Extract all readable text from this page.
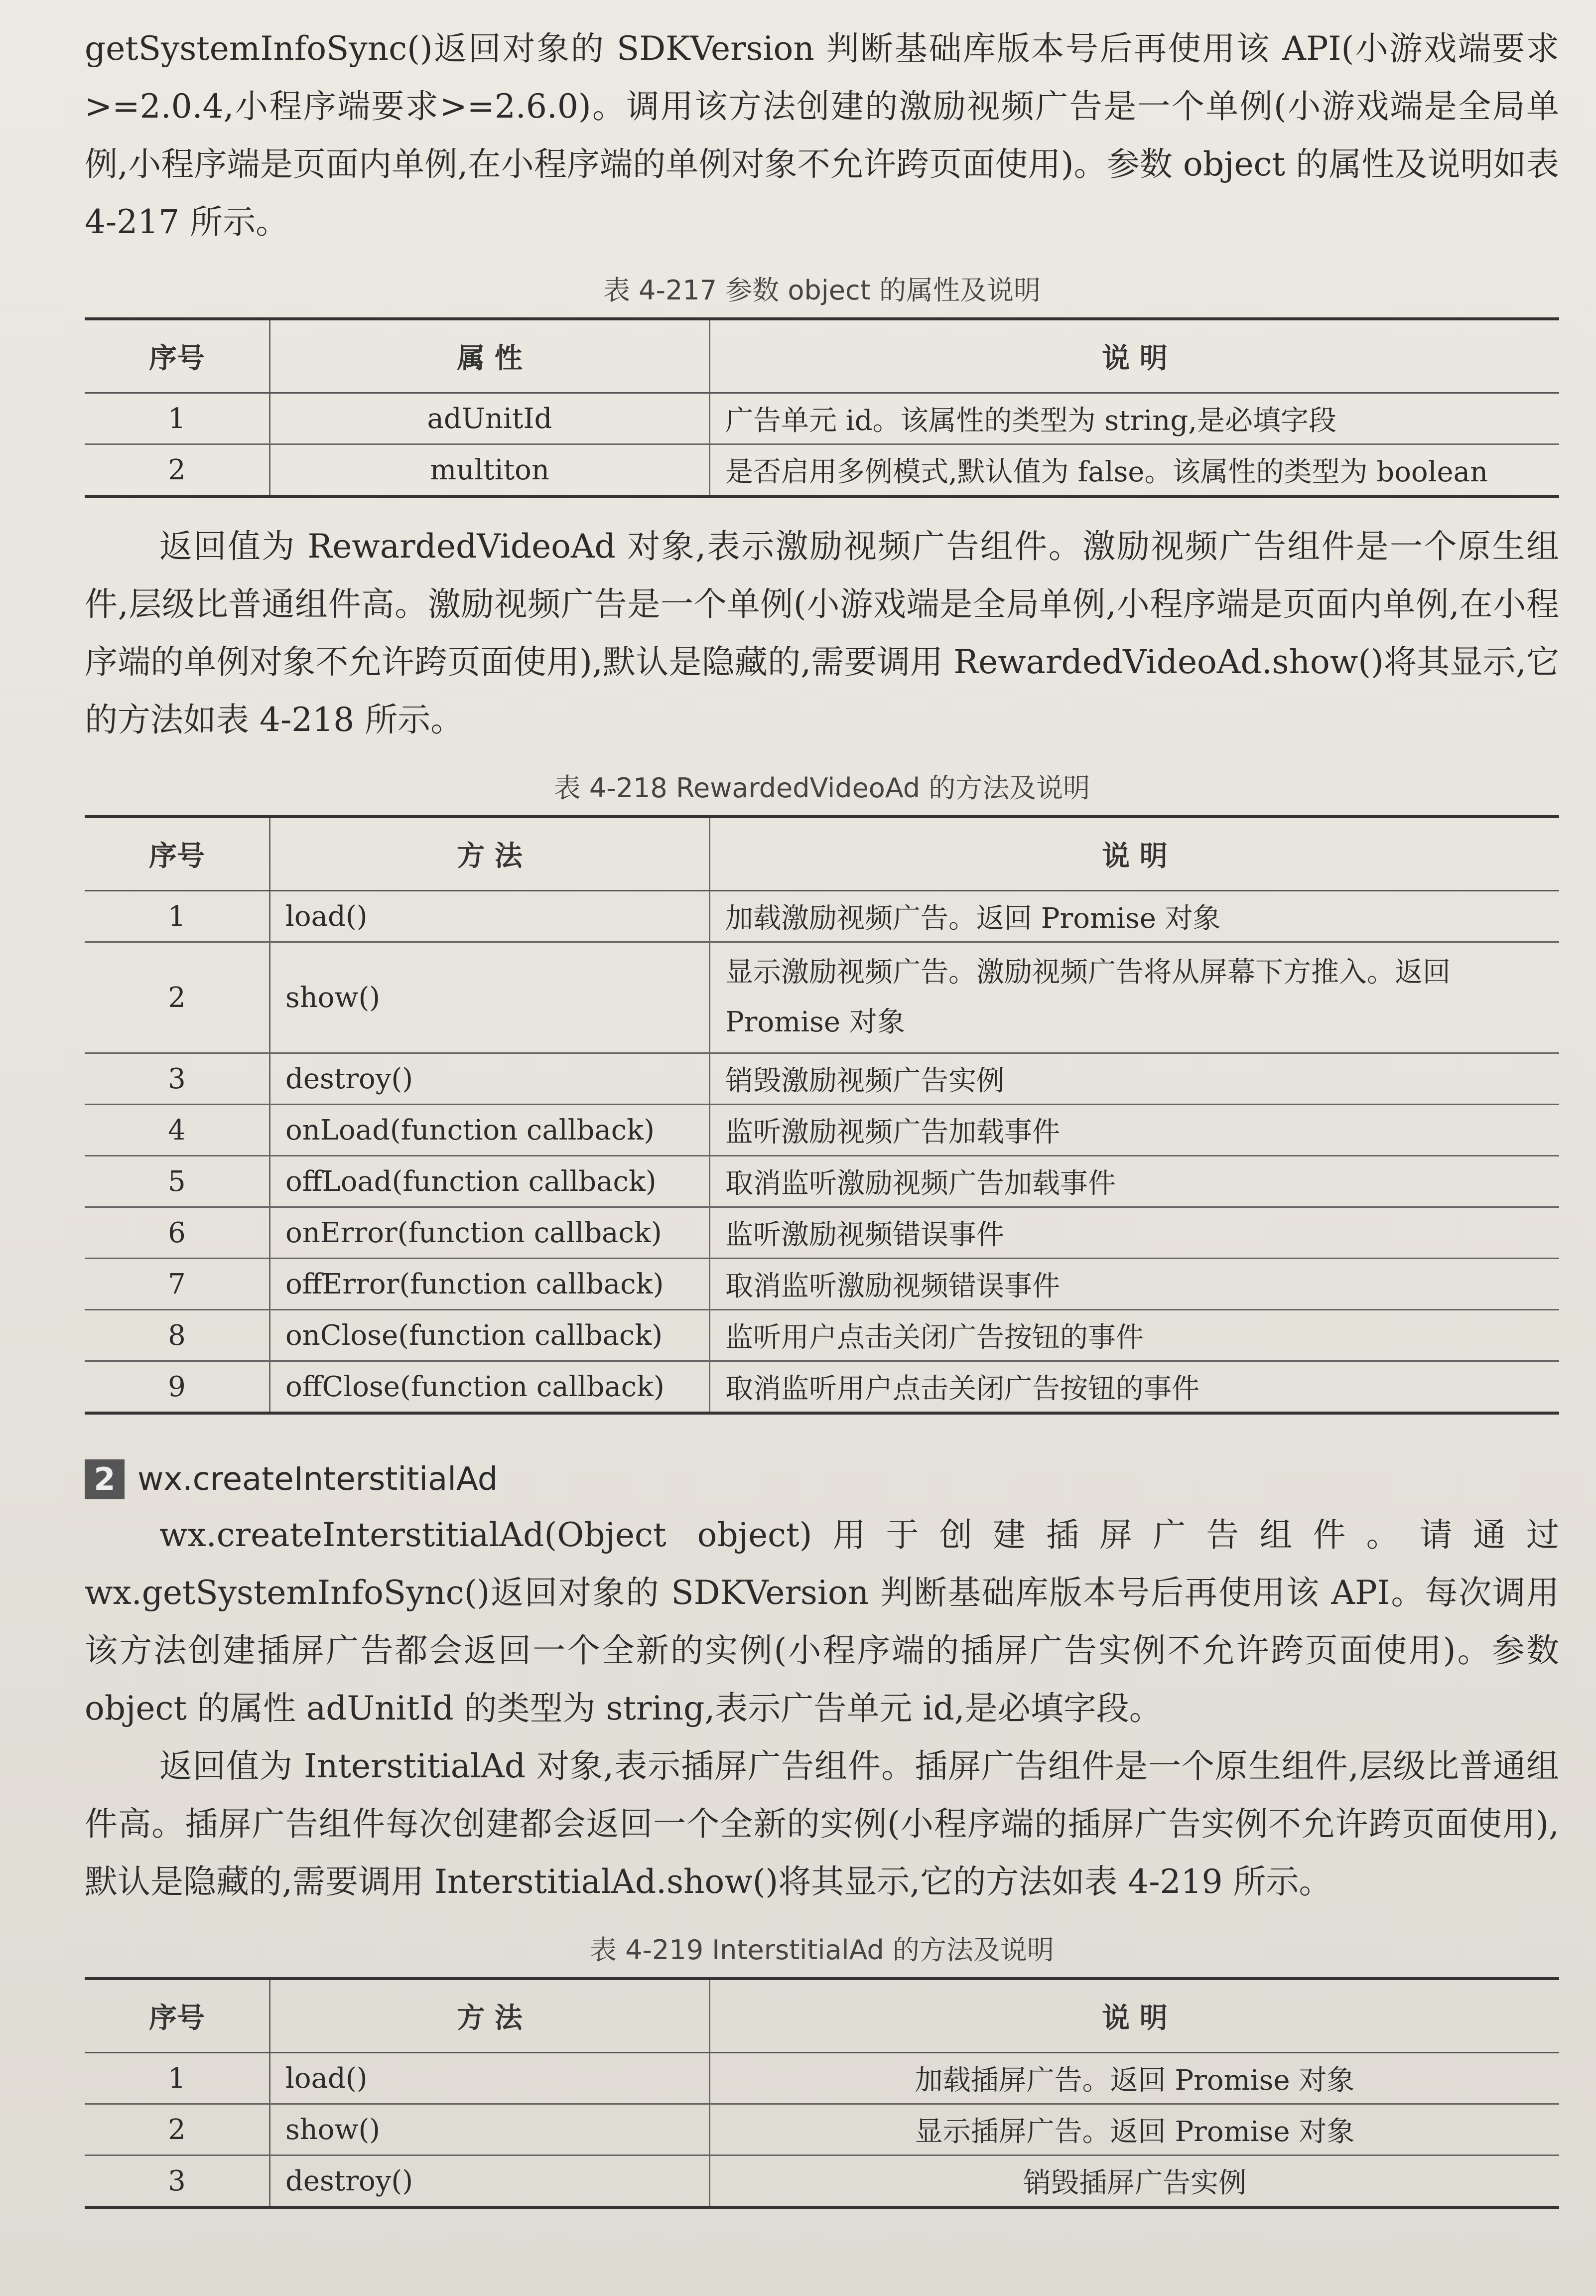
getSystemInfoSync()返回对象的 SDKVersion 判断基础库版本号后再使用该 API(小游戏端要求>=2.0.4,小程序端要求>=2.6.0)。调用该方法创建的激励视频广告是一个单例(小游戏端是全局单例,小程序端是页面内单例,在小程序端的单例对象不允许跨页面使用)。参数 object 的属性及说明如表 4-217 所示。

表 4-217 参数 object 的属性及说明
序号	属 性	说 明
1	adUnitId	广告单元 id。该属性的类型为 string,是必填字段
2	multiton	是否启用多例模式,默认值为 false。该属性的类型为 boolean

返回值为 RewardedVideoAd 对象,表示激励视频广告组件。激励视频广告组件是一个原生组件,层级比普通组件高。激励视频广告是一个单例(小游戏端是全局单例,小程序端是页面内单例,在小程序端的单例对象不允许跨页面使用),默认是隐藏的,需要调用 RewardedVideoAd.show()将其显示,它的方法如表 4-218 所示。

表 4-218 RewardedVideoAd 的方法及说明
序号	方 法	说 明
1	load()	加载激励视频广告。返回 Promise 对象
2	show()	显示激励视频广告。激励视频广告将从屏幕下方推入。返回 Promise 对象
3	destroy()	销毁激励视频广告实例
4	onLoad(function callback)	监听激励视频广告加载事件
5	offLoad(function callback)	取消监听激励视频广告加载事件
6	onError(function callback)	监听激励视频错误事件
7	offError(function callback)	取消监听激励视频错误事件
8	onClose(function callback)	监听用户点击关闭广告按钮的事件
9	offClose(function callback)	取消监听用户点击关闭广告按钮的事件
2 wx.createInterstitialAd

wx.createInterstitialAd(Object object)用于创建插屏广告组件。请通过 wx.getSystemInfoSync()返回对象的 SDKVersion 判断基础库版本号后再使用该 API。每次调用该方法创建插屏广告都会返回一个全新的实例(小程序端的插屏广告实例不允许跨页面使用)。参数 object 的属性 adUnitId 的类型为 string,表示广告单元 id,是必填字段。

返回值为 InterstitialAd 对象,表示插屏广告组件。插屏广告组件是一个原生组件,层级比普通组件高。插屏广告组件每次创建都会返回一个全新的实例(小程序端的插屏广告实例不允许跨页面使用),默认是隐藏的,需要调用 InterstitialAd.show()将其显示,它的方法如表 4-219 所示。

表 4-219 InterstitialAd 的方法及说明
序号	方 法	说 明
1	load()	加载插屏广告。返回 Promise 对象
2	show()	显示插屏广告。返回 Promise 对象
3	destroy()	销毁插屏广告实例
